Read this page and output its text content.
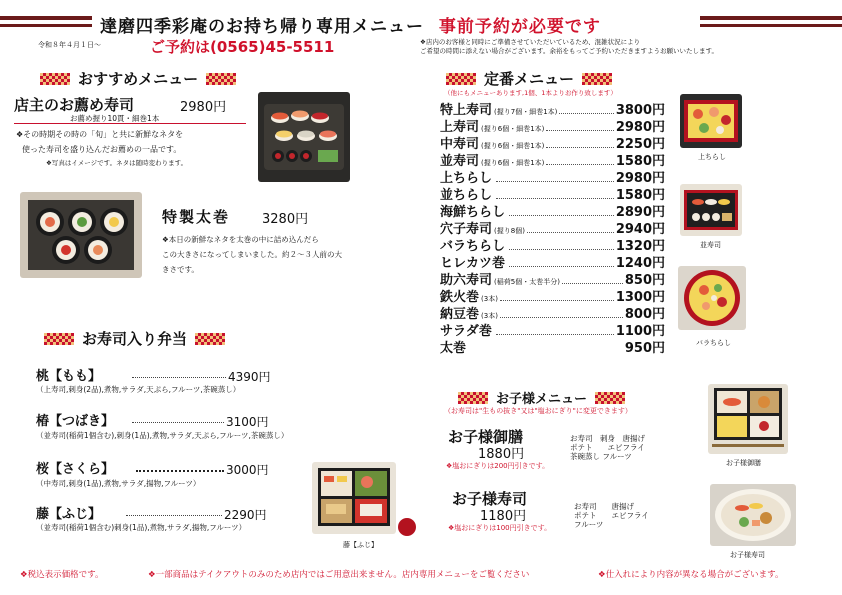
達磨四季彩庵のお持ち帰り専用メニュー 事前予約が必要です
令和８年４月１日～	ご予約は(0565)45-5511	❖店内のお客様と同時にご準備させていただいているため、混雑状況により
ご希望の時間に添えない場合がございます。余裕をもってご予約いただきますようお願いいたします。
おすすめメニュー
店主のお薦め寿司	2980円
お薦め握り10貫・細巻1本
❖その時期その時の「旬」と共に新鮮なネタを
使った寿司を盛り込んだお薦めの一品です。
❖写真はイメージです。ネタは随時変わります。
特製太巻 3280円
❖本日の新鮮なネタを太巻の中に詰め込んだら
この大きさになってしまいました。約２～３人前の大
きさです。
お寿司入り弁当
桃【もも】	4390円
（上寿司,刺身(2品),煮物,サラダ,天ぷら,フルーツ,茶碗蒸し）
椿【つばき】	3100円
（並寿司(稲荷1個含む),刺身(1品),煮物,サラダ,天ぷら,フルーツ,茶碗蒸し）
桜【さくら】	3000円
（中寿司,刺身(1品),煮物,サラダ,揚物,フルーツ）
藤【ふじ】	2290円
（並寿司(稲荷1個含む)刺身(1品),煮物,サラダ,揚物,フルーツ）
藤【ふじ】
定番メニュー
（他にもメニューあります,1個、1本よりお作り致します）
特上寿司 (握り7個・細巻1本)	3800円
上寿司 (握り6個・細巻1本)	2980円
中寿司 (握り6個・細巻1本)	2250円
並寿司 (握り6個・細巻1本)	1580円
上ちらし	2980円
並ちらし	1580円
海鮮ちらし	2890円
穴子寿司 (握り8個)	2940円
バラちらし	1320円
ヒレカツ巻	1240円
助六寿司 (稲荷5個・太巻半分)	850円
鉄火巻 (3本)	1300円
納豆巻 (3本)	800円
サラダ巻	1100円
太巻	950円
上ちらし
並寿司
バラちらし
お子様メニュー
（お寿司は"生もの抜き"又は"塩おにぎり"に変更できます）
お子様御膳
1880円
❖塩おにぎりは200円引きです。
お寿司　刺身　唐揚げ
ポテト　　エビフライ
茶碗蒸し フルーツ
お子様寿司
1180円
❖塩おにぎりは100円引きです。
お寿司　　唐揚げ
ポテト　　エビフライ
フルーツ
お子様御膳
お子様寿司
❖税込表示価格です。	❖一部商品はテイクアウトのみのため店内ではご用意出来ません。店内専用メニューをご覧ください	❖仕入れにより内容が異なる場合がございます。
